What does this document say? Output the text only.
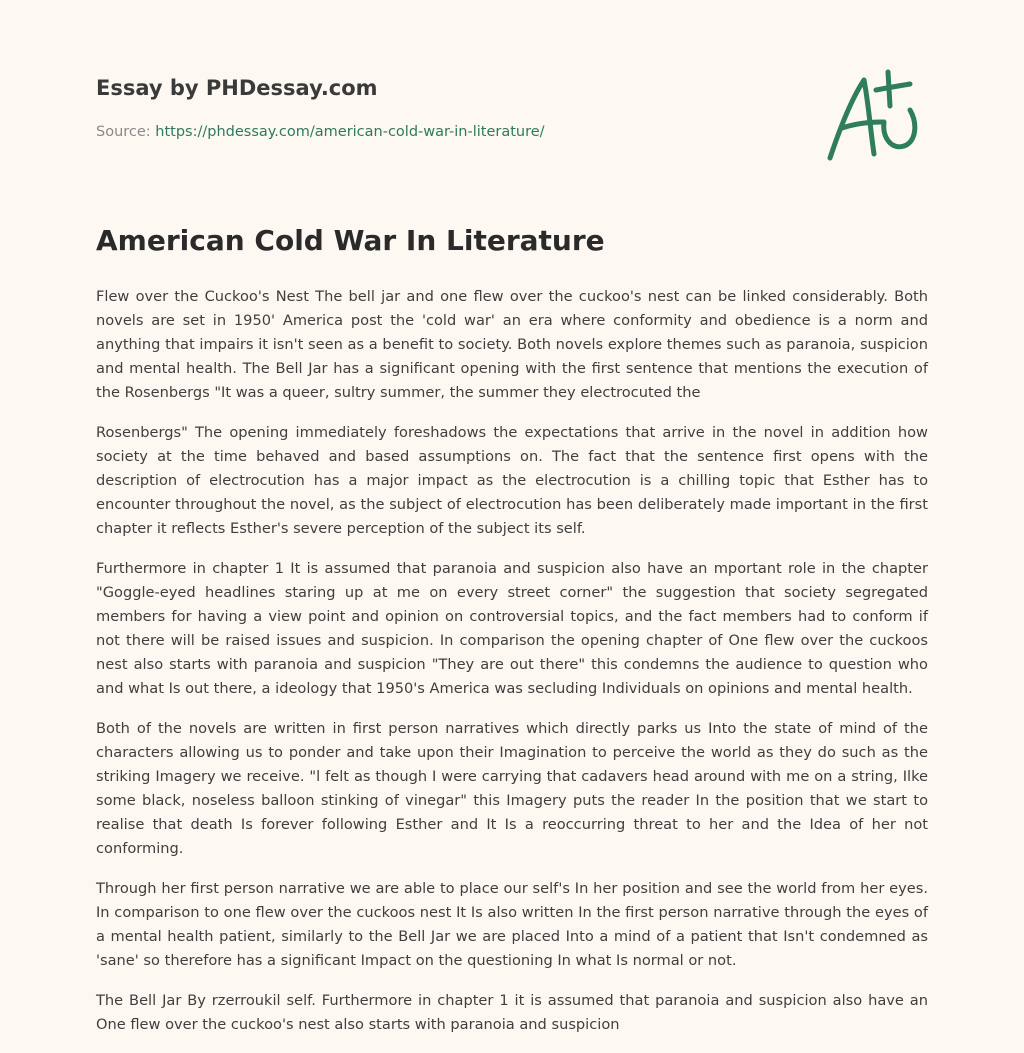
Essay by PHDessay.com
Source: https://phdessay.com/american-cold-war-in-literature/
American Cold War In Literature

Flew over the Cuckoo's Nest The bell jar and one flew over the cuckoo's nest can be linked considerably. Both novels are set in 1950' America post the 'cold war' an era where conformity and obedience is a norm and anything that impairs it isn't seen as a benefit to society. Both novels explore themes such as paranoia, suspicion and mental health. The Bell Jar has a significant opening with the first sentence that mentions the execution of the Rosenbergs "It was a queer, sultry summer, the summer they electrocuted the

Rosenbergs" The opening immediately foreshadows the expectations that arrive in the novel in addition how society at the time behaved and based assumptions on. The fact that the sentence first opens with the description of electrocution has a major impact as the electrocution is a chilling topic that Esther has to encounter throughout the novel, as the subject of electrocution has been deliberately made important in the first chapter it reflects Esther's severe perception of the subject its self.

Furthermore in chapter 1 It is assumed that paranoia and suspicion also have an mportant role in the chapter "Goggle-eyed headlines staring up at me on every street corner" the suggestion that society segregated members for having a view point and opinion on controversial topics, and the fact members had to conform if not there will be raised issues and suspicion. In comparison the opening chapter of One flew over the cuckoos nest also starts with paranoia and suspicion "They are out there" this condemns the audience to question who and what Is out there, a ideology that 1950's America was secluding Individuals on opinions and mental health.

Both of the novels are written in first person narratives which directly parks us Into the state of mind of the characters allowing us to ponder and take upon their Imagination to perceive the world as they do such as the striking Imagery we receive. "l felt as though I were carrying that cadavers head around with me on a string, Ilke some black, noseless balloon stinking of vinegar" this Imagery puts the reader In the position that we start to realise that death Is forever following Esther and It Is a reoccurring threat to her and the Idea of her not conforming.

Through her first person narrative we are able to place our self's In her position and see the world from her eyes. In comparison to one flew over the cuckoos nest It Is also written In the first person narrative through the eyes of a mental health patient, similarly to the Bell Jar we are placed Into a mind of a patient that Isn't condemned as 'sane' so therefore has a significant Impact on the questioning In what Is normal or not.

The Bell Jar By rzerroukil self. Furthermore in chapter 1 it is assumed that paranoia and suspicion also have an One flew over the cuckoo's nest also starts with paranoia and suspicion
